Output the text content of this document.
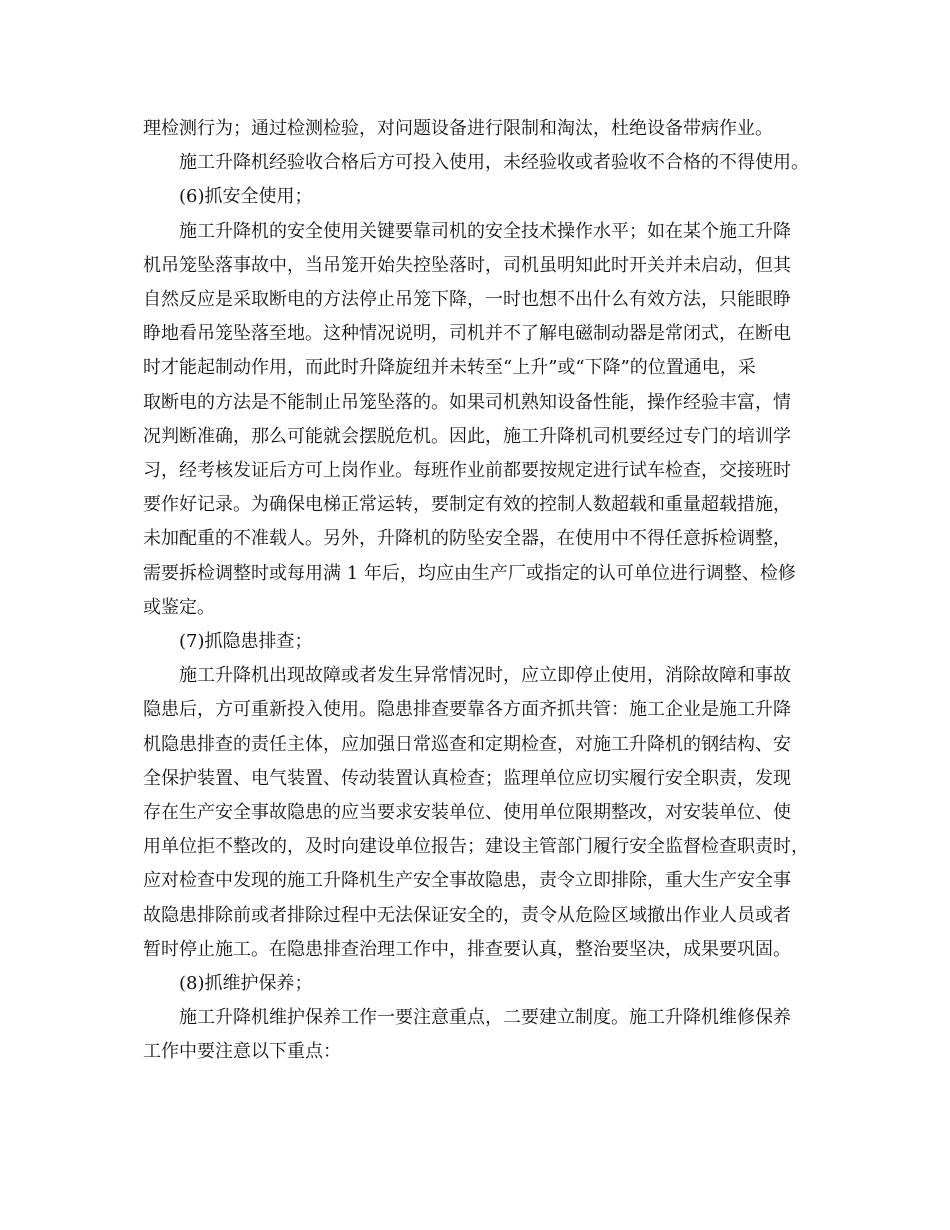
理检测行为；通过检测检验，对问题设备进行限制和淘汰，杜绝设备带病作业。

施工升降机经验收合格后方可投入使用，未经验收或者验收不合格的不得使用。

(6)抓安全使用；

施工升降机的安全使用关键要靠司机的安全技术操作水平；如在某个施工升降

机吊笼坠落事故中，当吊笼开始失控坠落时，司机虽明知此时开关并未启动，但其

自然反应是采取断电的方法停止吊笼下降，一时也想不出什么有效方法，只能眼睁

睁地看吊笼坠落至地。这种情况说明，司机并不了解电磁制动器是常闭式，在断电

时才能起制动作用，而此时升降旋纽并未转至“上升”或“下降”的位置通电，采

取断电的方法是不能制止吊笼坠落的。如果司机熟知设备性能，操作经验丰富，情

况判断准确，那么可能就会摆脱危机。因此，施工升降机司机要经过专门的培训学

习，经考核发证后方可上岗作业。每班作业前都要按规定进行试车检查，交接班时

要作好记录。为确保电梯正常运转，要制定有效的控制人数超载和重量超载措施，

未加配重的不准载人。另外，升降机的防坠安全器，在使用中不得任意拆检调整，

需要拆检调整时或每用满 1 年后，均应由生产厂或指定的认可单位进行调整、检修

或鉴定。

(7)抓隐患排查；

施工升降机出现故障或者发生异常情况时，应立即停止使用，消除故障和事故

隐患后，方可重新投入使用。隐患排查要靠各方面齐抓共管：施工企业是施工升降

机隐患排查的责任主体，应加强日常巡查和定期检查，对施工升降机的钢结构、安

全保护装置、电气装置、传动装置认真检查；监理单位应切实履行安全职责，发现

存在生产安全事故隐患的应当要求安装单位、使用单位限期整改，对安装单位、使

用单位拒不整改的，及时向建设单位报告；建设主管部门履行安全监督检查职责时，

应对检查中发现的施工升降机生产安全事故隐患，责令立即排除，重大生产安全事

故隐患排除前或者排除过程中无法保证安全的，责令从危险区域撤出作业人员或者

暂时停止施工。在隐患排查治理工作中，排查要认真，整治要坚决，成果要巩固。

(8)抓维护保养；

施工升降机维护保养工作一要注意重点，二要建立制度。施工升降机维修保养

工作中要注意以下重点：
